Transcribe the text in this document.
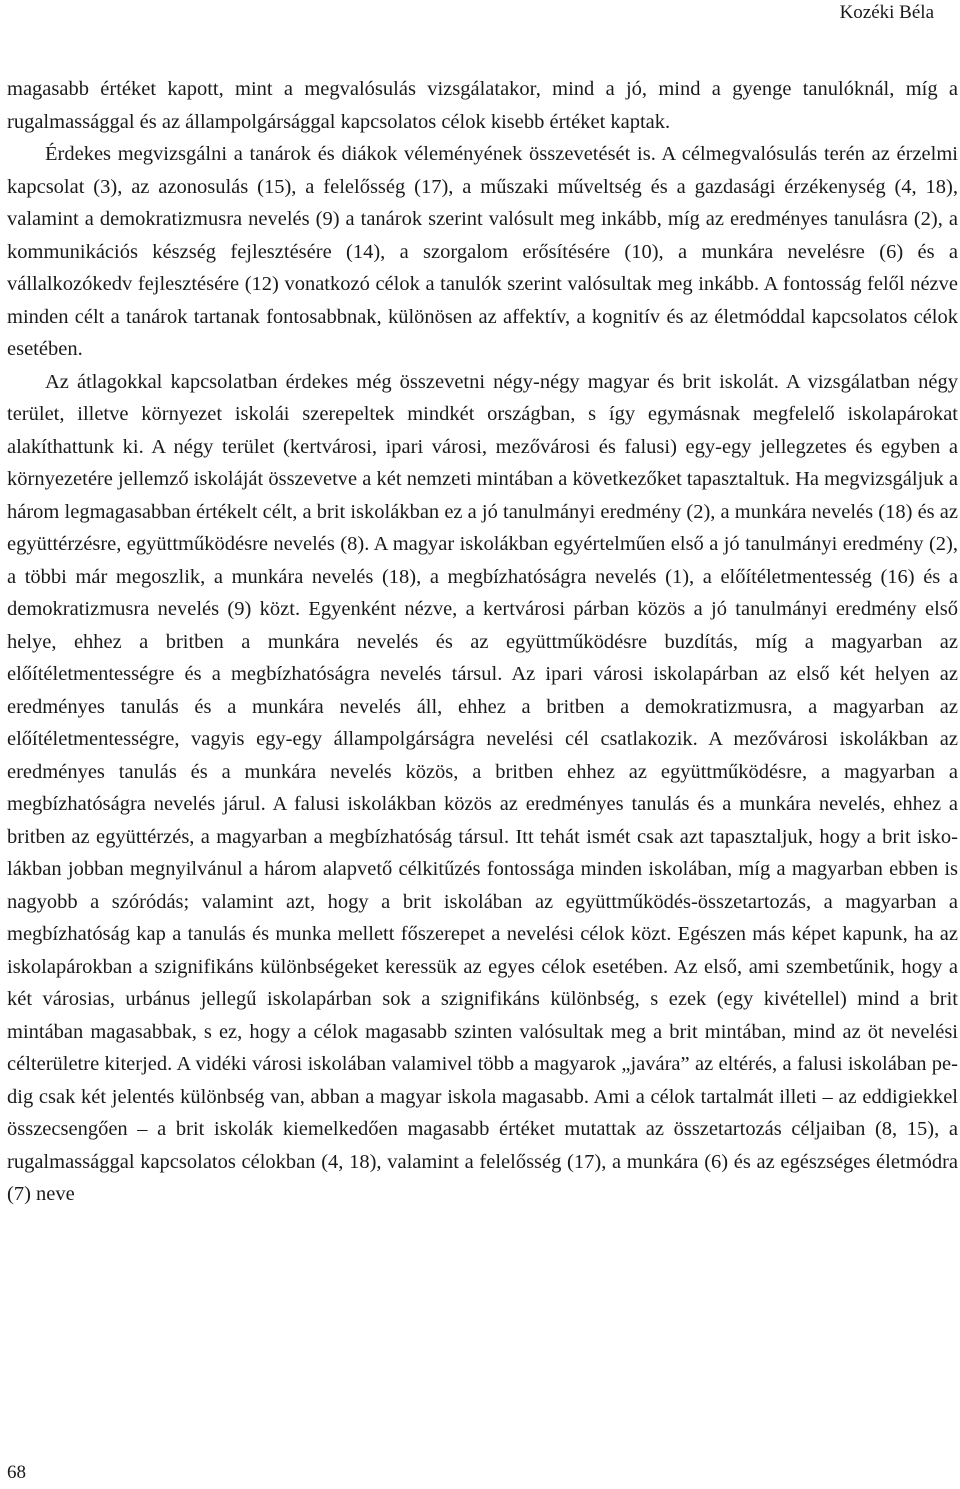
Kozéki Béla

magasabb értéket kapott, mint a megvalósulás vizsgálatakor, mind a jó, mind a gyenge tanulóknál, míg a rugalmassággal és az állampolgársággal kapcsolatos célok kisebb értéket kaptak.

Érdekes megvizsgálni a tanárok és diákok véleményének összevetését is. A célmegvalósulás terén az érzelmi kapcsolat (3), az azonosulás (15), a felelősség (17), a műszaki műveltség és a gazdasági érzékenység (4, 18), valamint a demokratizmusra nevelés (9) a tanárok szerint valósult meg inkább, míg az eredményes tanulásra (2), a kommunikációs készség fejlesztésére (14), a szorgalom erősítésére (10), a munkára nevelésre (6) és a vállalkozókedv fejlesztésére (12) vonatkozó célok a tanulók szerint valósultak meg inkább. A fontosság felől nézve minden célt a tanárok tartanak fontosabbnak, különösen az affektív, a kognitív és az életmóddal kapcsolatos célok esetében.

Az átlagokkal kapcsolatban érdekes még összevetni négy-négy magyar és brit iskolát. A vizsgálatban négy terület, illetve környezet iskolái szerepeltek mindkét országban, s így egymásnak megfelelő iskolapárokat alakíthattunk ki. A négy terület (kertvárosi, ipari városi, mezővárosi és falusi) egy-egy jellegzetes és egyben a környezetére jellemző iskoláját összevetve a két nemzeti mintában a következőket tapasztaltuk. Ha megvizsgáljuk a három legmagasabban értékelt célt, a brit iskolákban ez a jó tanulmányi eredmény (2), a munkára nevelés (18) és az együttérzésre, együttműködésre nevelés (8). A magyar iskolákban egyértelműen első a jó tanulmányi eredmény (2), a többi már megoszlik, a munkára nevelés (18), a megbízhatóságra nevelés (1), a előítéletmentesség (16) és a demokratizmusra nevelés (9) közt. Egyenként nézve, a kertvárosi párban közös a jó tanulmányi eredmény első helye, ehhez a britben a munkára nevelés és az együttműködésre buzdítás, míg a magyarban az előítéletmentességre és a megbízhatóságra nevelés társul. Az ipari városi iskolapárban az első két helyen az eredményes tanulás és a munkára nevelés áll, ehhez a britben a demokratizmusra, a magyarban az előítéletmentességre, vagyis egy-egy állampolgárságra nevelési cél csatlakozik. A mezővárosi iskolákban az eredményes tanulás és a munkára nevelés közös, a britben ehhez az együttműködésre, a magyarban a megbízhatóságra nevelés járul. A falusi iskolákban közös az eredményes tanulás és a munkára nevelés, ehhez a britben az együttérzés, a magyarban a megbízhatóság társul. Itt tehát ismét csak azt tapasztaljuk, hogy a brit iskolákban jobban megnyilvánul a három alapvető célkitűzés fontossága minden iskolában, míg a magyarban ebben is nagyobb a szóródás; valamint azt, hogy a brit iskolában az együttműködés-összetartozás, a magyarban a megbízhatóság kap a tanulás és munka mellett főszerepet a nevelési célok közt. Egészen más képet kapunk, ha az iskolapárokban a szignifikáns különbségeket keressük az egyes célok esetében. Az első, ami szembetűnik, hogy a két városias, urbánus jellegű iskolapárban sok a szignifikáns különbség, s ezek (egy kivétellel) mind a brit mintában magasabbak, s ez, hogy a célok magasabb szinten valósultak meg a brit mintában, mind az öt nevelési célterületre kiterjed. A vidéki városi iskolában valamivel több a magyarok „javára” az eltérés, a falusi iskolában pedig csak két jelentés különbség van, abban a magyar iskola magasabb. Ami a célok tartalmát illeti – az eddigiekkel összecsengően – a brit iskolák kiemelkedően magasabb értéket mutattak az összetartozás céljaiban (8, 15), a rugalmassággal kapcsolatos célokban (4, 18), valamint a felelősség (17), a munkára (6) és az egészséges életmódra (7) neve

68
